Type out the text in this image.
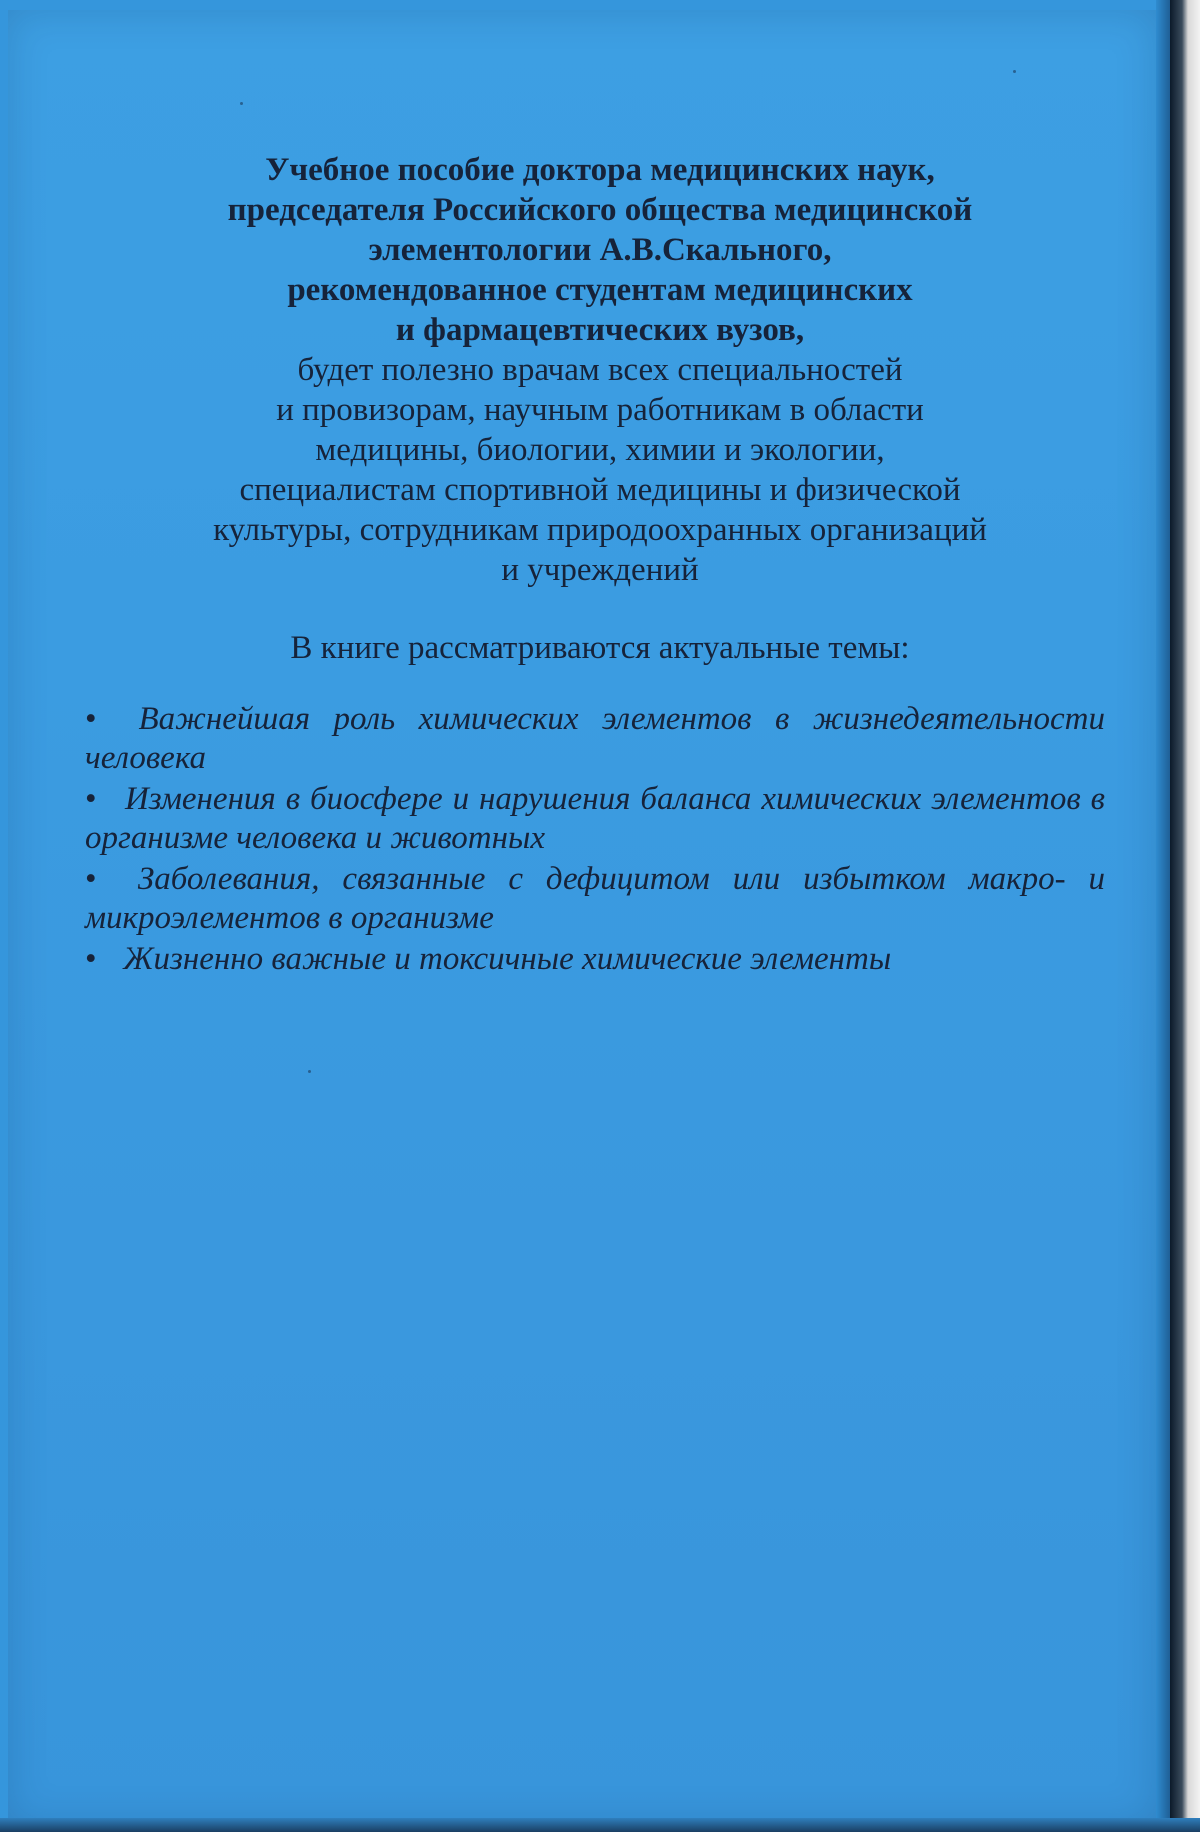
Учебное пособие доктора медицинских наук,
председателя Российского общества медицинской
элементологии А.В.Скального,
рекомендованное студентам медицинских
и фармацевтических вузов,

будет полезно врачам всех специальностей
и провизорам, научным работникам в области
медицины, биологии, химии и экологии,
специалистам спортивной медицины и физической
культуры, сотрудникам природоохранных организаций
и учреждений

В книге рассматриваются актуальные темы:

• Важнейшая роль химических элементов в жизнедеятельности человека
• Изменения в биосфере и нарушения баланса химических элементов в организме человека и животных
• Заболевания, связанные с дефицитом или избытком макро- и микроэлементов в организме
• Жизненно важные и токсичные химические элементы
